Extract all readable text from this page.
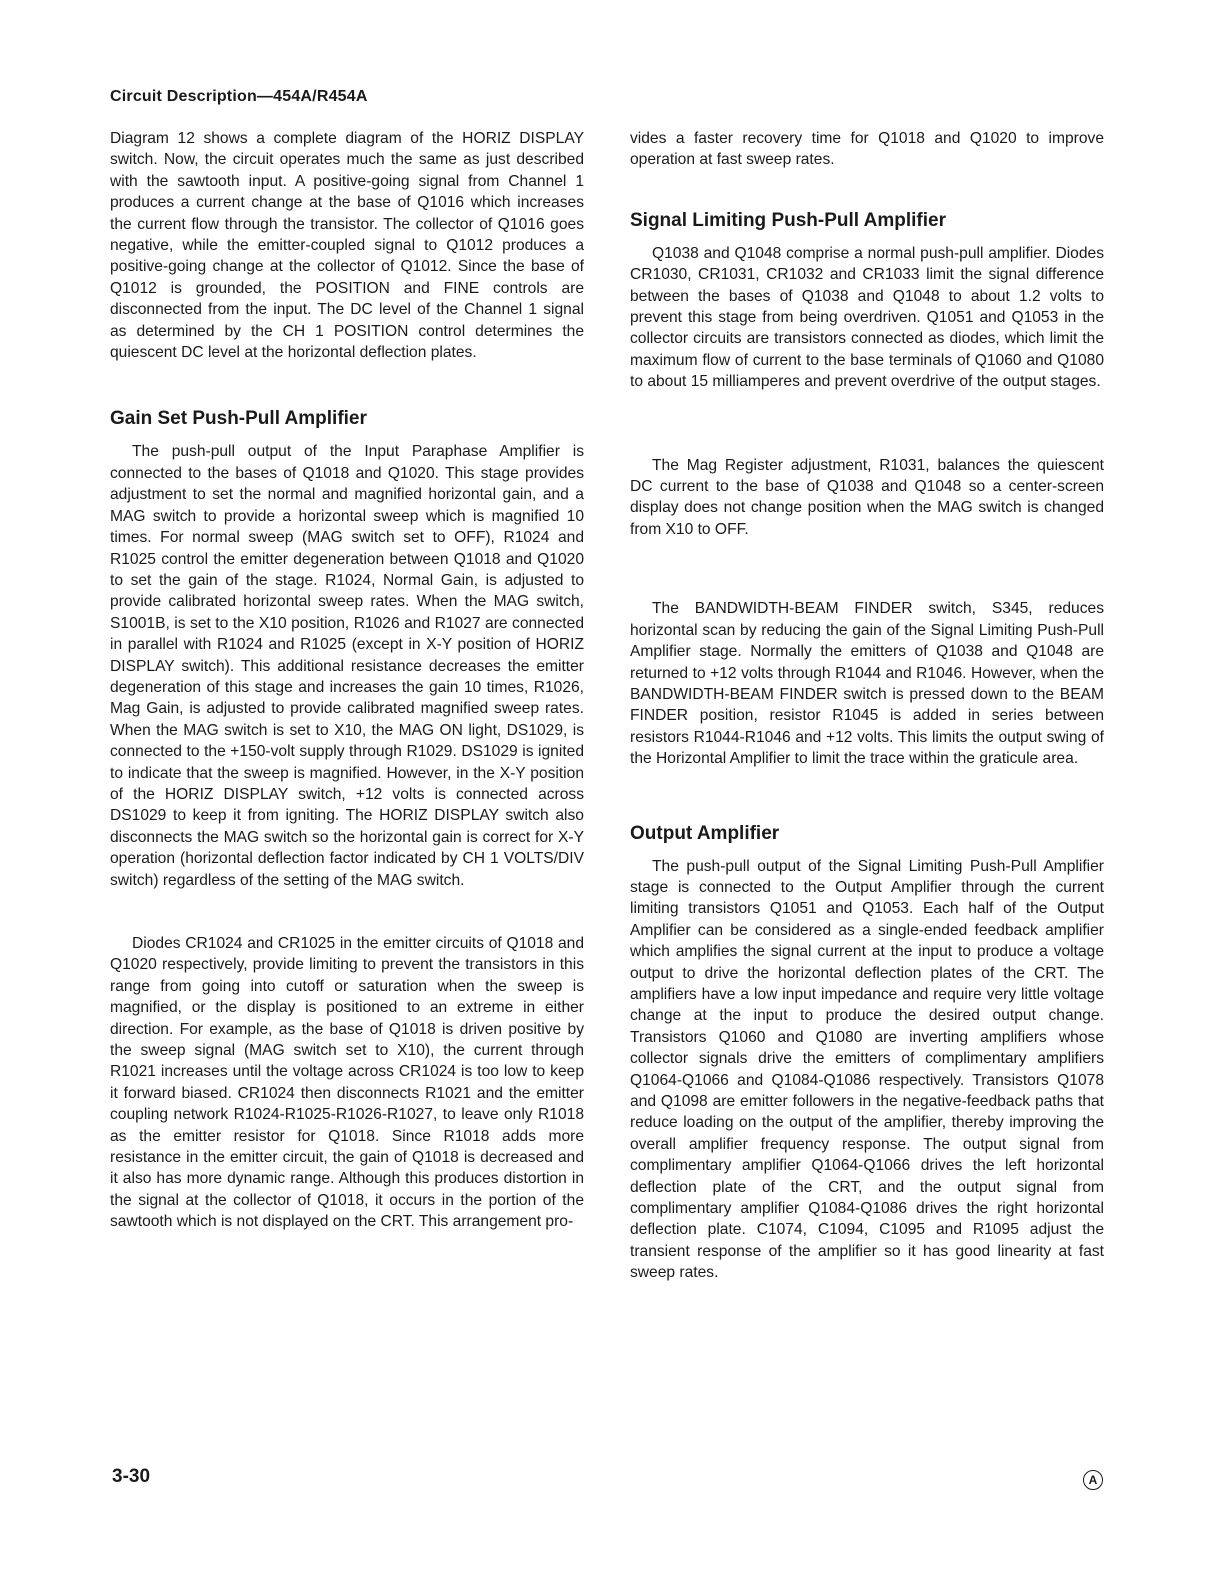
Circuit Description—454A/R454A

Diagram 12 shows a complete diagram of the HORIZ DISPLAY switch. Now, the circuit operates much the same as just described with the sawtooth input. A positive-going signal from Channel 1 produces a current change at the base of Q1016 which increases the current flow through the transistor. The collector of Q1016 goes negative, while the emitter-coupled signal to Q1012 produces a positive-going change at the collector of Q1012. Since the base of Q1012 is grounded, the POSITION and FINE controls are disconnected from the input. The DC level of the Channel 1 signal as determined by the CH 1 POSITION control determines the quiescent DC level at the horizontal deflection plates.

Gain Set Push-Pull Amplifier

The push-pull output of the Input Paraphase Amplifier is connected to the bases of Q1018 and Q1020. This stage provides adjustment to set the normal and magnified horizontal gain, and a MAG switch to provide a horizontal sweep which is magnified 10 times. For normal sweep (MAG switch set to OFF), R1024 and R1025 control the emitter degeneration between Q1018 and Q1020 to set the gain of the stage. R1024, Normal Gain, is adjusted to provide calibrated horizontal sweep rates. When the MAG switch, S1001B, is set to the X10 position, R1026 and R1027 are connected in parallel with R1024 and R1025 (except in X-Y position of HORIZ DISPLAY switch). This additional resistance decreases the emitter degeneration of this stage and increases the gain 10 times, R1026, Mag Gain, is adjusted to provide calibrated magnified sweep rates. When the MAG switch is set to X10, the MAG ON light, DS1029, is connected to the +150-volt supply through R1029. DS1029 is ignited to indicate that the sweep is magnified. However, in the X-Y position of the HORIZ DISPLAY switch, +12 volts is connected across DS1029 to keep it from igniting. The HORIZ DISPLAY switch also disconnects the MAG switch so the horizontal gain is correct for X-Y operation (horizontal deflection factor indicated by CH 1 VOLTS/DIV switch) regardless of the setting of the MAG switch.

Diodes CR1024 and CR1025 in the emitter circuits of Q1018 and Q1020 respectively, provide limiting to prevent the transistors in this range from going into cutoff or saturation when the sweep is magnified, or the display is positioned to an extreme in either direction. For example, as the base of Q1018 is driven positive by the sweep signal (MAG switch set to X10), the current through R1021 increases until the voltage across CR1024 is too low to keep it forward biased. CR1024 then disconnects R1021 and the emitter coupling network R1024-R1025-R1026-R1027, to leave only R1018 as the emitter resistor for Q1018. Since R1018 adds more resistance in the emitter circuit, the gain of Q1018 is decreased and it also has more dynamic range. Although this produces distortion in the signal at the collector of Q1018, it occurs in the portion of the sawtooth which is not displayed on the CRT. This arrangement pro-

vides a faster recovery time for Q1018 and Q1020 to improve operation at fast sweep rates.

Signal Limiting Push-Pull Amplifier

Q1038 and Q1048 comprise a normal push-pull amplifier. Diodes CR1030, CR1031, CR1032 and CR1033 limit the signal difference between the bases of Q1038 and Q1048 to about 1.2 volts to prevent this stage from being overdriven. Q1051 and Q1053 in the collector circuits are transistors connected as diodes, which limit the maximum flow of current to the base terminals of Q1060 and Q1080 to about 15 milliamperes and prevent overdrive of the output stages.

The Mag Register adjustment, R1031, balances the quiescent DC current to the base of Q1038 and Q1048 so a center-screen display does not change position when the MAG switch is changed from X10 to OFF.

The BANDWIDTH-BEAM FINDER switch, S345, reduces horizontal scan by reducing the gain of the Signal Limiting Push-Pull Amplifier stage. Normally the emitters of Q1038 and Q1048 are returned to +12 volts through R1044 and R1046. However, when the BANDWIDTH-BEAM FINDER switch is pressed down to the BEAM FINDER position, resistor R1045 is added in series between resistors R1044-R1046 and +12 volts. This limits the output swing of the Horizontal Amplifier to limit the trace within the graticule area.

Output Amplifier

The push-pull output of the Signal Limiting Push-Pull Amplifier stage is connected to the Output Amplifier through the current limiting transistors Q1051 and Q1053. Each half of the Output Amplifier can be considered as a single-ended feedback amplifier which amplifies the signal current at the input to produce a voltage output to drive the horizontal deflection plates of the CRT. The amplifiers have a low input impedance and require very little voltage change at the input to produce the desired output change. Transistors Q1060 and Q1080 are inverting amplifiers whose collector signals drive the emitters of complimentary amplifiers Q1064-Q1066 and Q1084-Q1086 respectively. Transistors Q1078 and Q1098 are emitter followers in the negative-feedback paths that reduce loading on the output of the amplifier, thereby improving the overall amplifier frequency response. The output signal from complimentary amplifier Q1064-Q1066 drives the left horizontal deflection plate of the CRT, and the output signal from complimentary amplifier Q1084-Q1086 drives the right horizontal deflection plate. C1074, C1094, C1095 and R1095 adjust the transient response of the amplifier so it has good linearity at fast sweep rates.

3-30	A
